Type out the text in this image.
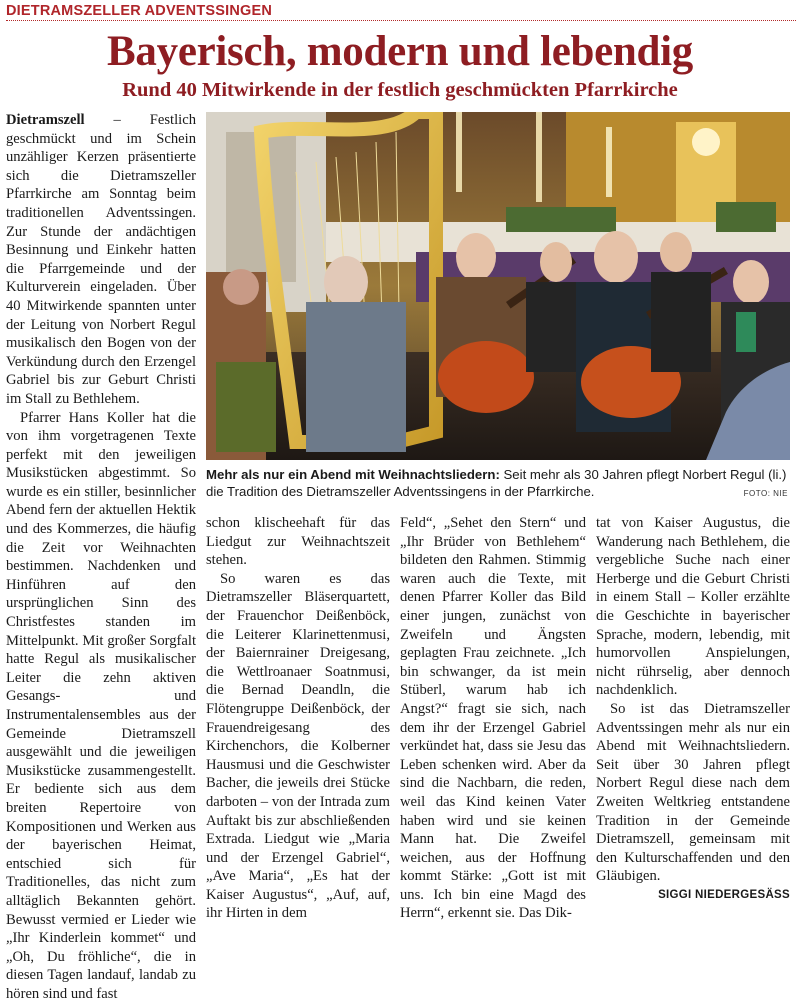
DIETRAMSZELLER ADVENTSSINGEN
Bayerisch, modern und lebendig
Rund 40 Mitwirkende in der festlich geschmückten Pfarrkirche

Dietramszell – Festlich geschmückt und im Schein unzähliger Kerzen präsentierte sich die Dietramszeller Pfarrkirche am Sonntag beim traditionellen Adventssingen. Zur Stunde der andächtigen Besinnung und Einkehr hatten die Pfarrgemeinde und der Kulturverein eingeladen. Über 40 Mitwirkende spannten unter der Leitung von Norbert Regul musikalisch den Bogen von der Verkündung durch den Erzengel Gabriel bis zur Geburt Christi im Stall zu Bethlehem.

Pfarrer Hans Koller hat die von ihm vorgetragenen Texte perfekt mit den jeweiligen Musikstücken abgestimmt. So wurde es ein stiller, besinnlicher Abend fern der aktuellen Hektik und des Kommerzes, die häufig die Zeit vor Weihnachten bestimmen. Nachdenken und Hinführen auf den ursprünglichen Sinn des Christfestes standen im Mittelpunkt. Mit großer Sorgfalt hatte Regul als musikalischer Leiter die zehn aktiven Gesangs- und Instrumentalensembles aus der Gemeinde Dietramszell ausgewählt und die jeweiligen Musikstücke zusammengestellt. Er bediente sich aus dem breiten Repertoire von Kompositionen und Werken aus der bayerischen Heimat, entschied sich für Traditionelles, das nicht zum alltäglich Bekannten gehört. Bewusst vermied er Lieder wie „Ihr Kinderlein kommet“ und „Oh, Du fröhliche“, die in diesen Tagen landauf, landab zu hören sind und fast

Mehr als nur ein Abend mit Weihnachtsliedern: Seit mehr als 30 Jahren pflegt Norbert Regul (li.) die Tradition des Dietramszeller Adventssingens in der Pfarrkirche.	FOTO: NIE

schon klischeehaft für das Liedgut zur Weihnachtszeit stehen.

So waren es das Dietramszeller Bläserquartett, der Frauenchor Deißenböck, die Leiterer Klarinettenmusi, der Baiernrainer Dreigesang, die Wettlroanaer Soatnmusi, die Bernad Deandln, die Flötengruppe Deißenböck, der Frauendreigesang des Kirchenchors, die Kolberner Hausmusi und die Geschwister Bacher, die jeweils drei Stücke darboten – von der Intrada zum Auftakt bis zur abschließenden Extrada. Liedgut wie „Maria und der Erzengel Gabriel“, „Ave Maria“, „Es hat der Kaiser Augustus“, „Auf, auf, ihr Hirten in dem

Feld“, „Sehet den Stern“ und „Ihr Brüder von Bethlehem“ bildeten den Rahmen. Stimmig waren auch die Texte, mit denen Pfarrer Koller das Bild einer jungen, zunächst von Zweifeln und Ängsten geplagten Frau zeichnete. „Ich bin schwanger, da ist mein Stüberl, warum hab ich Angst?“ fragt sie sich, nach dem ihr der Erzengel Gabriel verkündet hat, dass sie Jesu das Leben schenken wird. Aber da sind die Nachbarn, die reden, weil das Kind keinen Vater haben wird und sie keinen Mann hat. Die Zweifel weichen, aus der Hoffnung kommt Stärke: „Gott ist mit uns. Ich bin eine Magd des Herrn“, erkennt sie. Das Dik-

tat von Kaiser Augustus, die Wanderung nach Bethlehem, die vergebliche Suche nach einer Herberge und die Geburt Christi in einem Stall – Koller erzählte die Geschichte in bayerischer Sprache, modern, lebendig, mit humorvollen Anspielungen, nicht rührselig, aber dennoch nachdenklich.

So ist das Dietramszeller Adventssingen mehr als nur ein Abend mit Weihnachtsliedern. Seit über 30 Jahren pflegt Norbert Regul diese nach dem Zweiten Weltkrieg entstandene Tradition in der Gemeinde Dietramszell, gemeinsam mit den Kulturschaffenden und den Gläubigen.
SIGGI NIEDERGESÄSS
